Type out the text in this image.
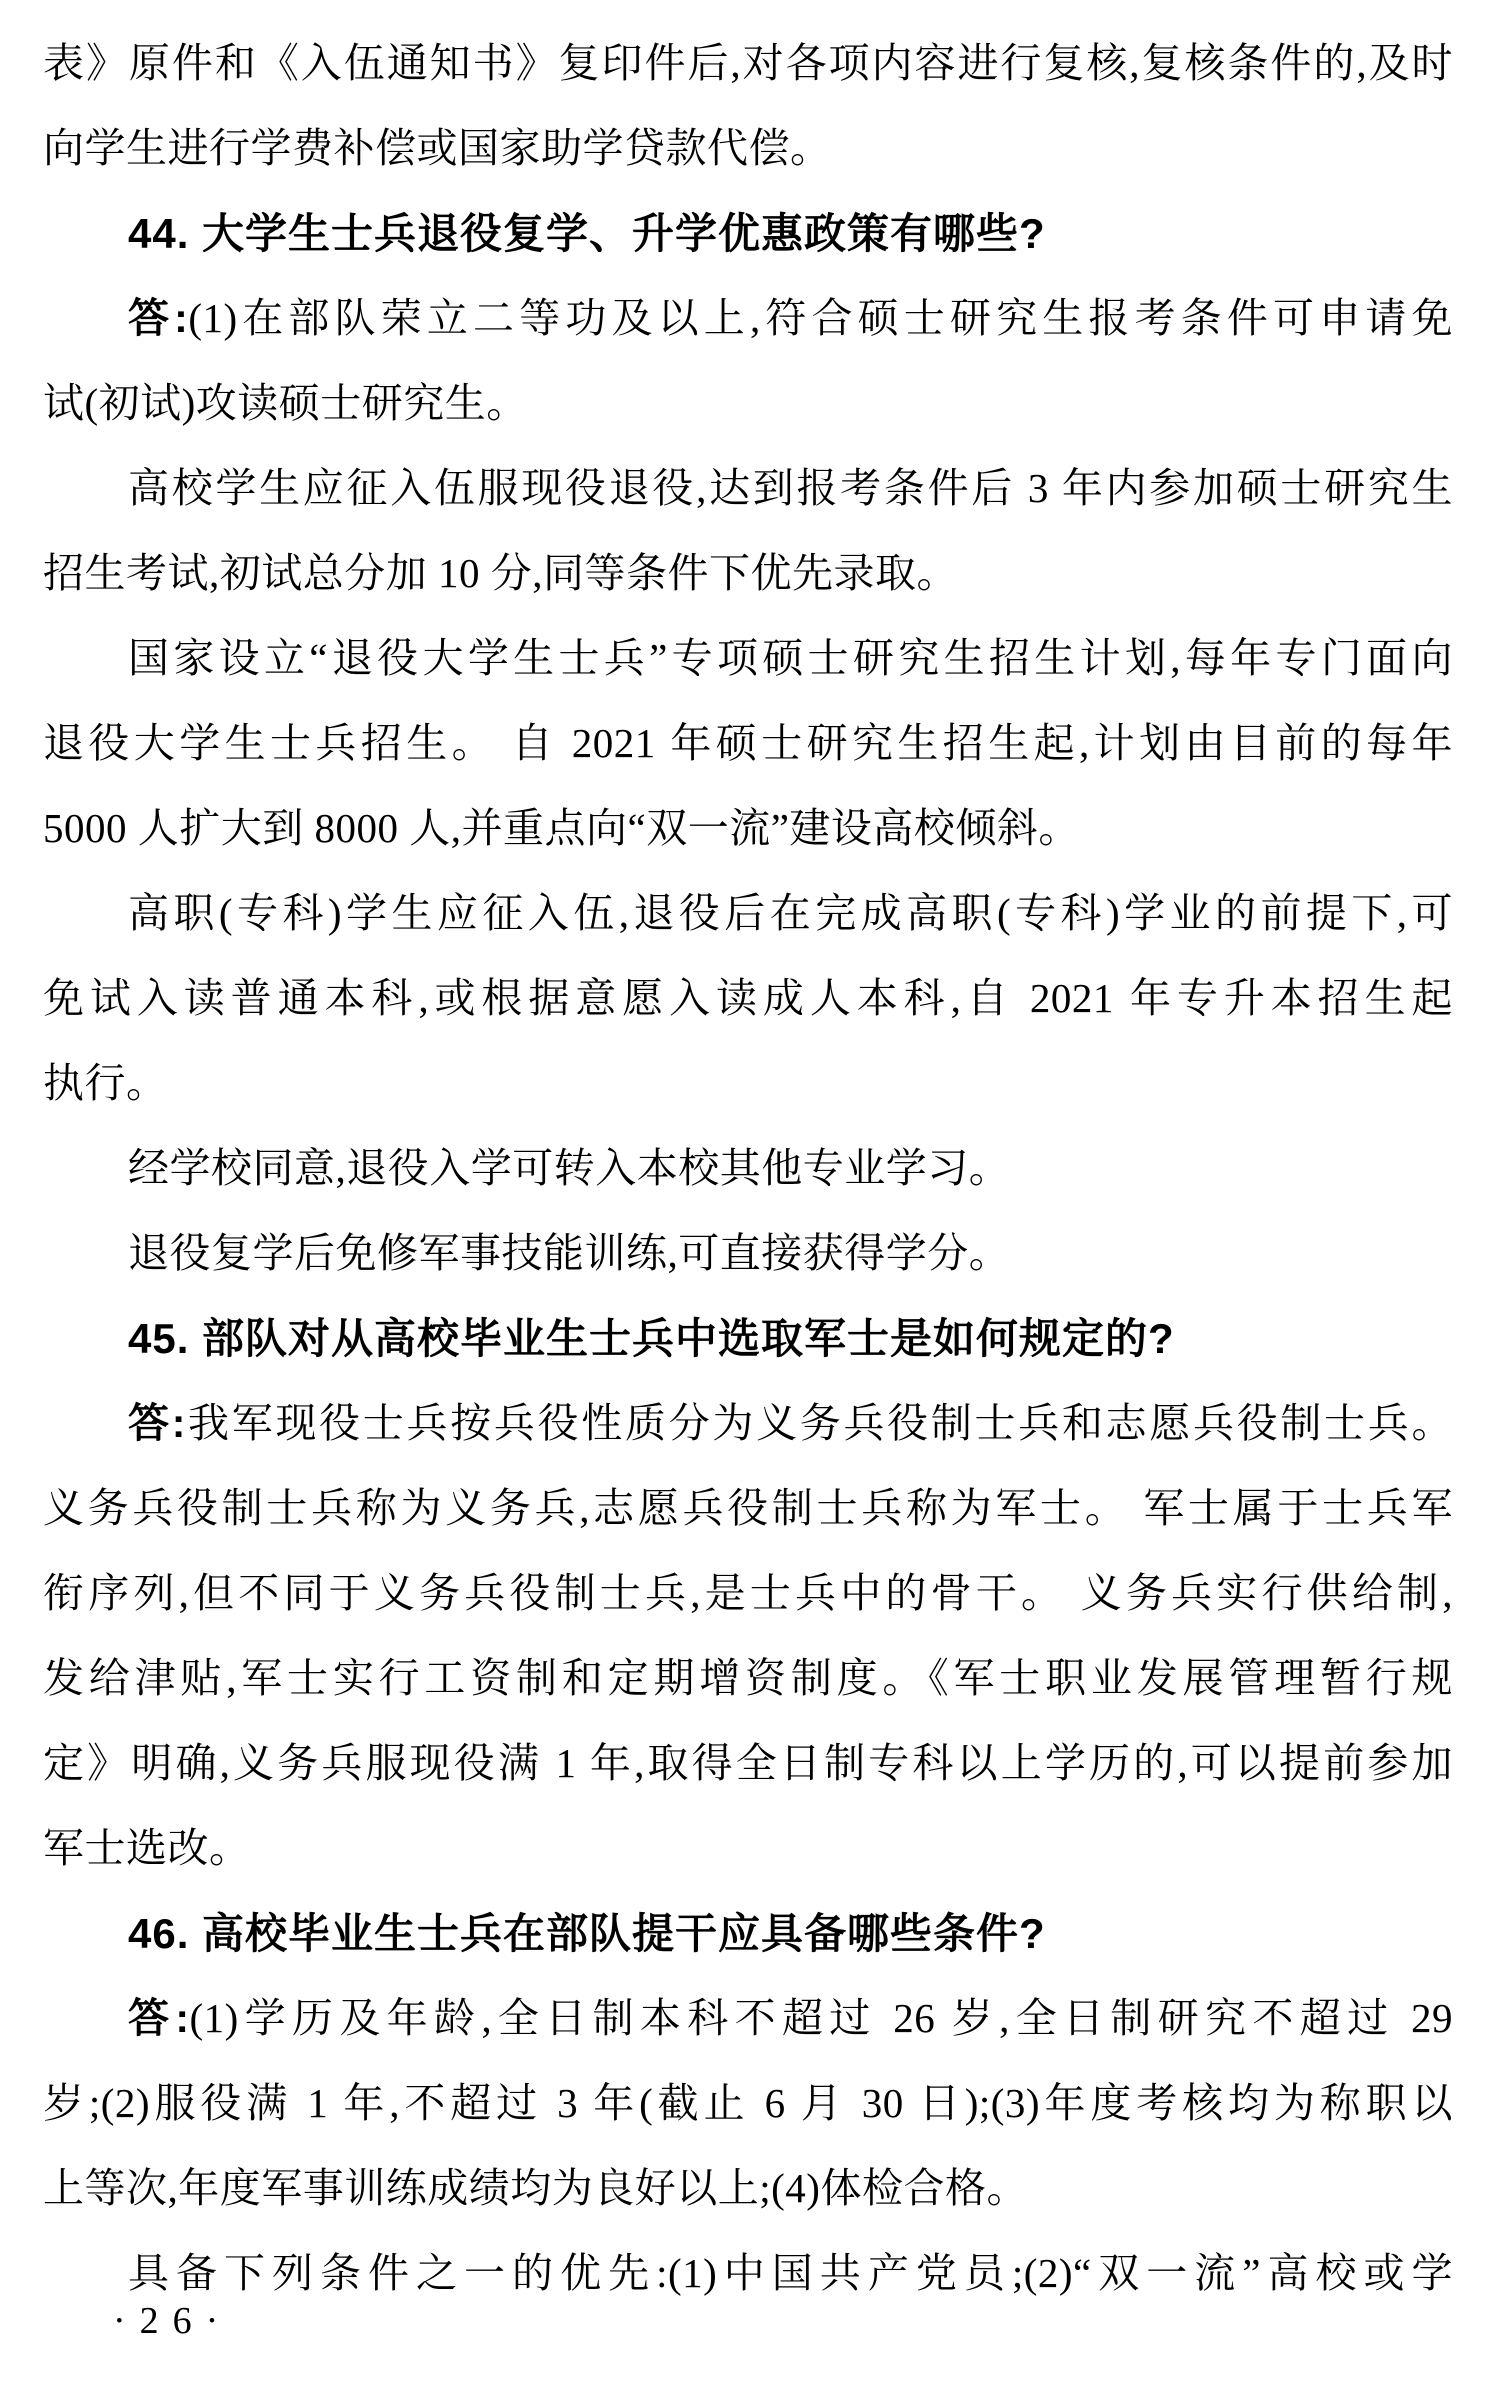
表》原件和《入伍通知书》复印件后,对各项内容进行复核,复核条件的,及时
向学生进行学费补偿或国家助学贷款代偿。
44. 大学生士兵退役复学、升学优惠政策有哪些?
答:(1)在部队荣立二等功及以上,符合硕士研究生报考条件可申请免
试(初试)攻读硕士研究生。
高校学生应征入伍服现役退役,达到报考条件后 3 年内参加硕士研究生
招生考试,初试总分加 10 分,同等条件下优先录取。
国家设立“退役大学生士兵”专项硕士研究生招生计划,每年专门面向
退役大学生士兵招生。 自 2021 年硕士研究生招生起,计划由目前的每年
5000 人扩大到 8000 人,并重点向“双一流”建设高校倾斜。
高职(专科)学生应征入伍,退役后在完成高职(专科)学业的前提下,可
免试入读普通本科,或根据意愿入读成人本科,自 2021 年专升本招生起
执行。
经学校同意,退役入学可转入本校其他专业学习。
退役复学后免修军事技能训练,可直接获得学分。
45. 部队对从高校毕业生士兵中选取军士是如何规定的?
答:我军现役士兵按兵役性质分为义务兵役制士兵和志愿兵役制士兵。
义务兵役制士兵称为义务兵,志愿兵役制士兵称为军士。 军士属于士兵军
衔序列,但不同于义务兵役制士兵,是士兵中的骨干。 义务兵实行供给制,
发给津贴,军士实行工资制和定期增资制度。《军士职业发展管理暂行规
定》明确,义务兵服现役满 1 年,取得全日制专科以上学历的,可以提前参加
军士选改。
46. 高校毕业生士兵在部队提干应具备哪些条件?
答:(1)学历及年龄,全日制本科不超过 26 岁,全日制研究不超过 29
岁;(2)服役满 1 年,不超过 3 年(截止 6 月 30 日);(3)年度考核均为称职以
上等次,年度军事训练成绩均为良好以上;(4)体检合格。
具备下列条件之一的优先:(1)中国共产党员;(2)“双一流”高校或学
·26·
